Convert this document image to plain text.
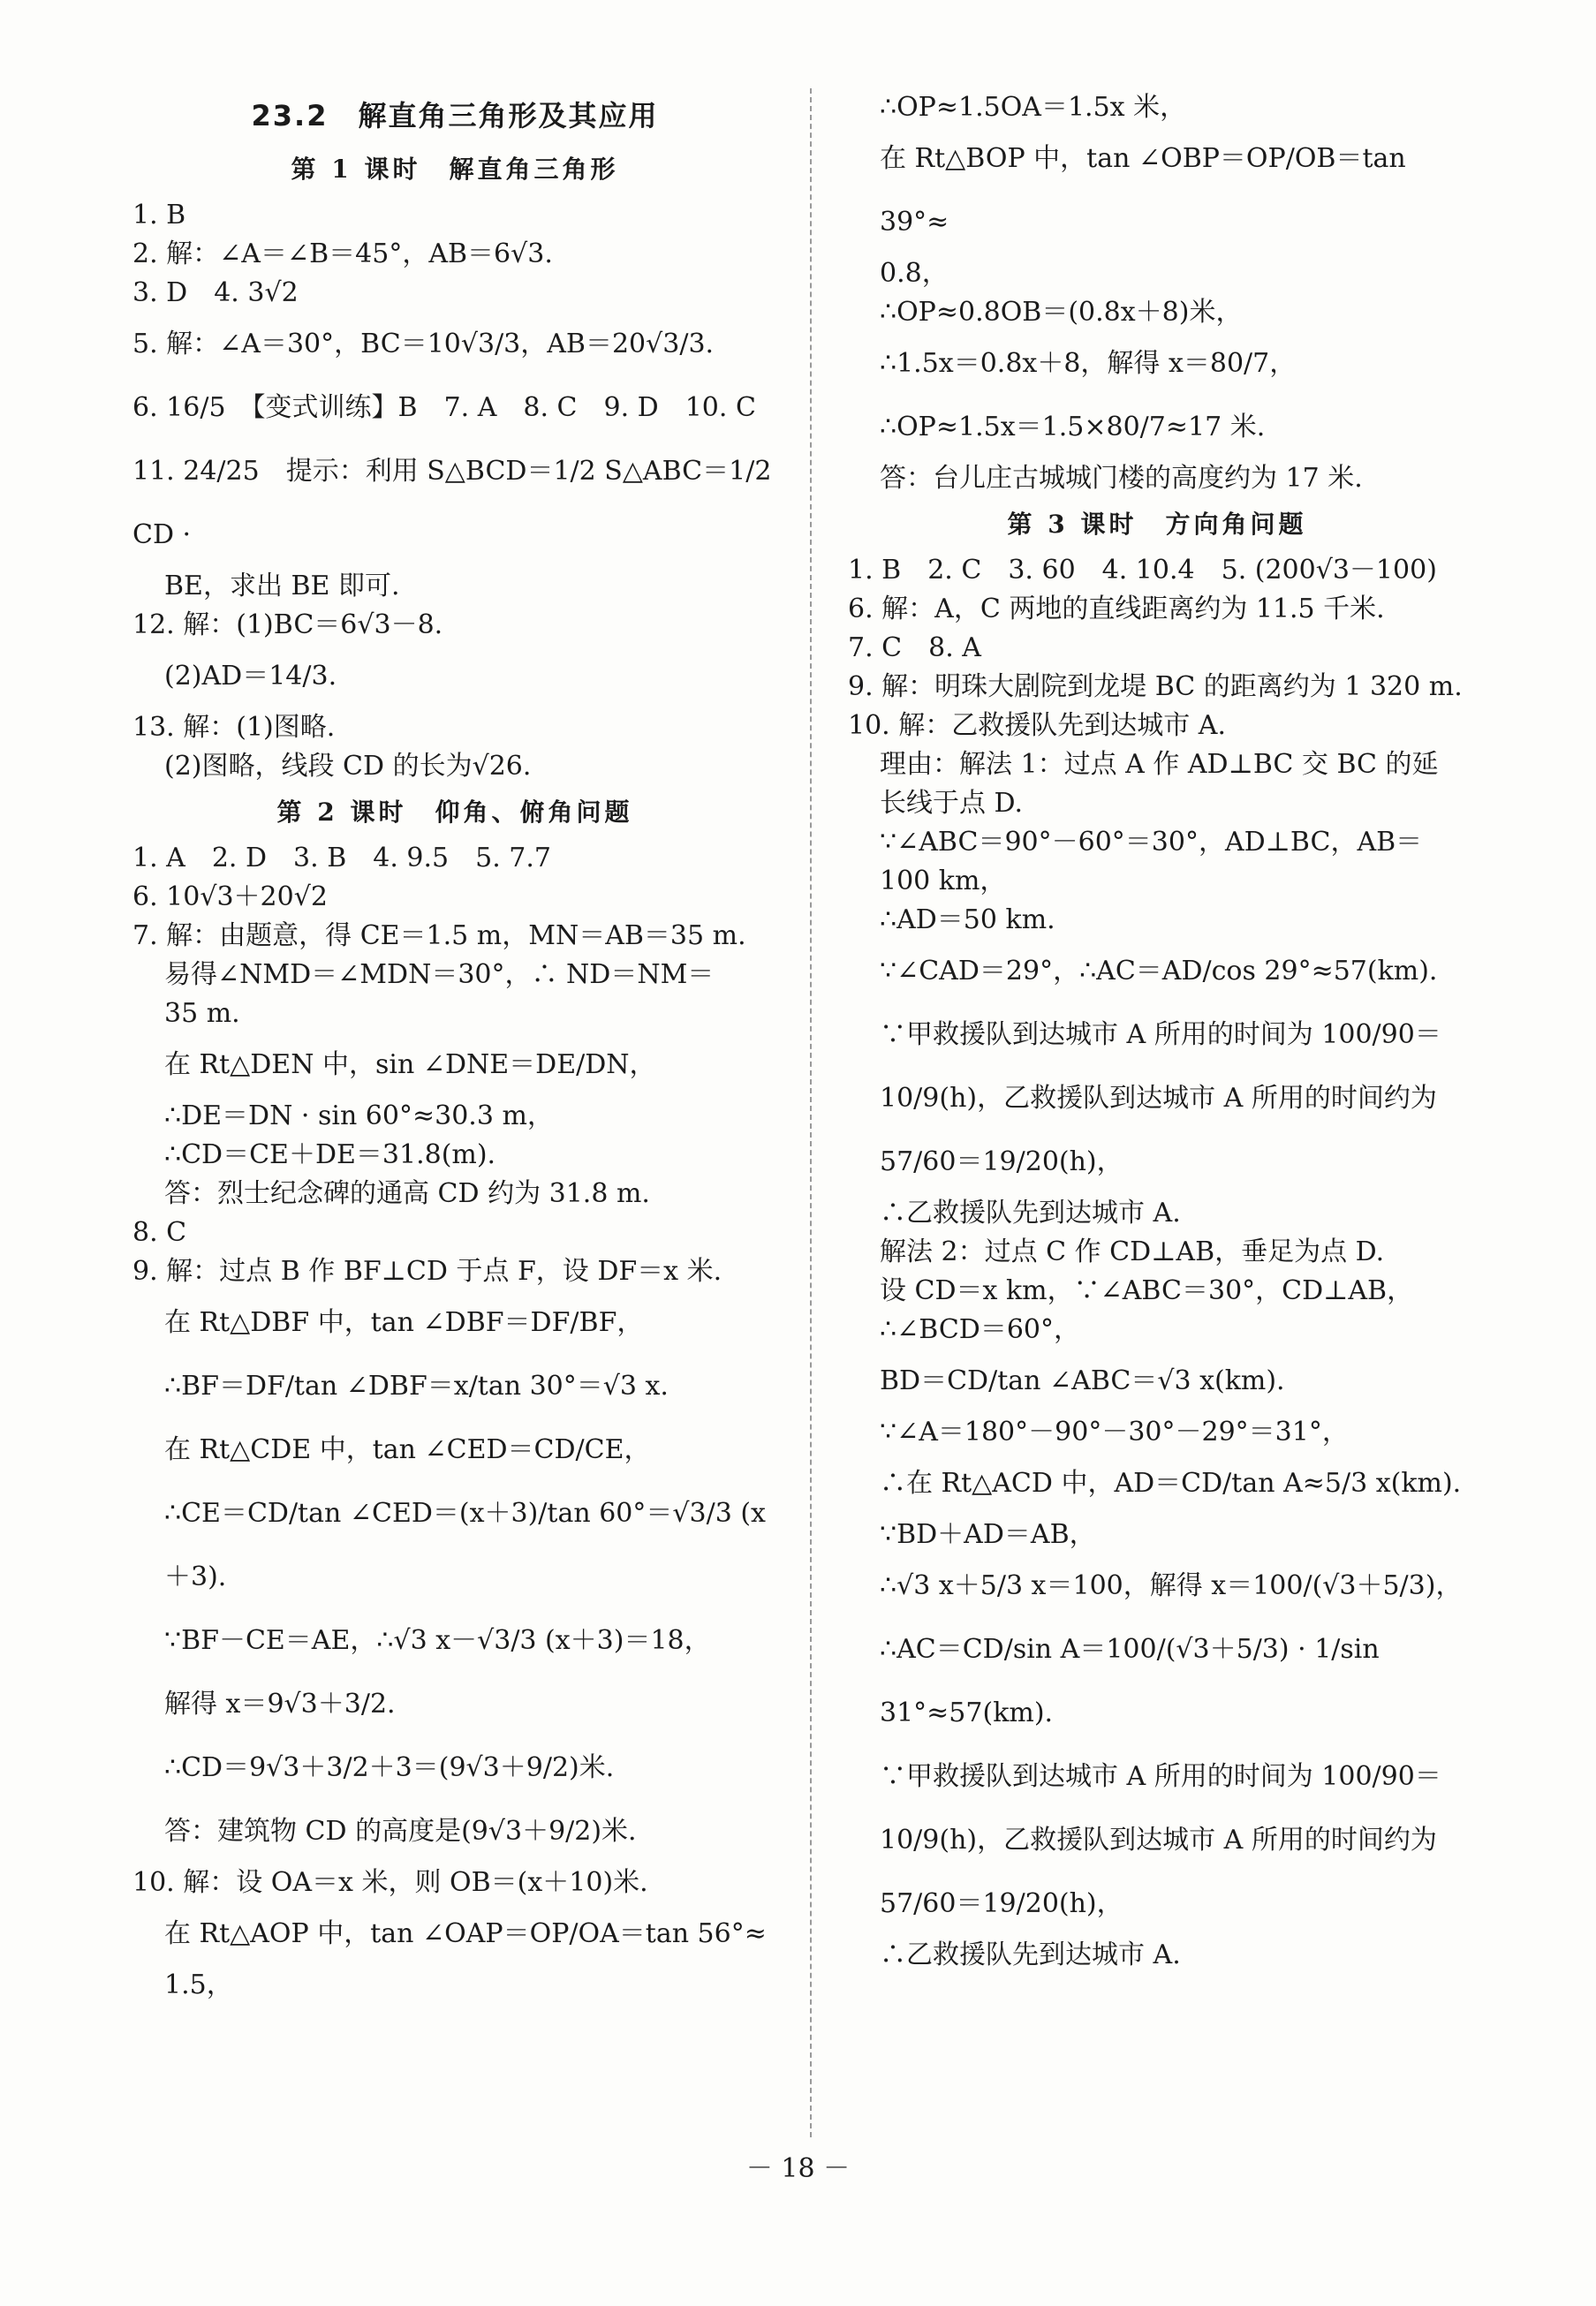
23.2　解直角三角形及其应用
第 1 课时　解直角三角形
1. B
2. 解：∠A＝∠B＝45°，AB＝6√3.
3. D　4. 3√2
5. 解：∠A＝30°，BC＝10√3/3，AB＝20√3/3.
6. 16/5　【变式训练】B　7. A　8. C　9. D　10. C
11. 24/25　提示：利用 S△BCD＝1/2 S△ABC＝1/2 CD ·
BE，求出 BE 即可.
12. 解：(1)BC＝6√3－8.
(2)AD＝14/3.
13. 解：(1)图略.
(2)图略，线段 CD 的长为√26.
第 2 课时　仰角、俯角问题
1. A　2. D　3. B　4. 9.5　5. 7.7
6. 10√3＋20√2
7. 解：由题意，得 CE＝1.5 m，MN＝AB＝35 m.
易得∠NMD＝∠MDN＝30°，∴ ND＝NM＝
35 m.
在 Rt△DEN 中，sin ∠DNE＝DE/DN，
∴DE＝DN · sin 60°≈30.3 m，
∴CD＝CE＋DE＝31.8(m).
答：烈士纪念碑的通高 CD 约为 31.8 m.
8. C
9. 解：过点 B 作 BF⊥CD 于点 F，设 DF＝x 米.
在 Rt△DBF 中，tan ∠DBF＝DF/BF，
∴BF＝DF/tan ∠DBF＝x/tan 30°＝√3 x.
在 Rt△CDE 中，tan ∠CED＝CD/CE，
∴CE＝CD/tan ∠CED＝(x＋3)/tan 60°＝√3/3 (x＋3).
∵BF－CE＝AE，∴√3 x－√3/3 (x＋3)＝18，
解得 x＝9√3＋3/2.
∴CD＝9√3＋3/2＋3＝(9√3＋9/2)米.
答：建筑物 CD 的高度是(9√3＋9/2)米.
10. 解：设 OA＝x 米，则 OB＝(x＋10)米.
在 Rt△AOP 中，tan ∠OAP＝OP/OA＝tan 56°≈
1.5，
∴OP≈1.5OA＝1.5x 米，
在 Rt△BOP 中，tan ∠OBP＝OP/OB＝tan 39°≈
0.8，
∴OP≈0.8OB＝(0.8x＋8)米，
∴1.5x＝0.8x＋8，解得 x＝80/7，
∴OP≈1.5x＝1.5×80/7≈17 米.
答：台儿庄古城城门楼的高度约为 17 米.
第 3 课时　方向角问题
1. B　2. C　3. 60　4. 10.4　5. (200√3－100)
6. 解：A，C 两地的直线距离约为 11.5 千米.
7. C　8. A
9. 解：明珠大剧院到龙堤 BC 的距离约为 1 320 m.
10. 解：乙救援队先到达城市 A.
理由：解法 1：过点 A 作 AD⊥BC 交 BC 的延
长线于点 D.
∵∠ABC＝90°－60°＝30°，AD⊥BC，AB＝
100 km，
∴AD＝50 km.
∵∠CAD＝29°，∴AC＝AD/cos 29°≈57(km).
∵甲救援队到达城市 A 所用的时间为 100/90＝
10/9(h)，乙救援队到达城市 A 所用的时间约为
57/60＝19/20(h)，
∴乙救援队先到达城市 A.
解法 2：过点 C 作 CD⊥AB，垂足为点 D.
设 CD＝x km，∵∠ABC＝30°，CD⊥AB，
∴∠BCD＝60°，
BD＝CD/tan ∠ABC＝√3 x(km).
∵∠A＝180°－90°－30°－29°＝31°，
∴在 Rt△ACD 中，AD＝CD/tan A≈5/3 x(km).
∵BD＋AD＝AB，
∴√3 x＋5/3 x＝100，解得 x＝100/(√3＋5/3)，
∴AC＝CD/sin A＝100/(√3＋5/3) · 1/sin 31°≈57(km).
∵甲救援队到达城市 A 所用的时间为 100/90＝
10/9(h)，乙救援队到达城市 A 所用的时间约为
57/60＝19/20(h)，
∴乙救援队先到达城市 A.
－ 18 －
